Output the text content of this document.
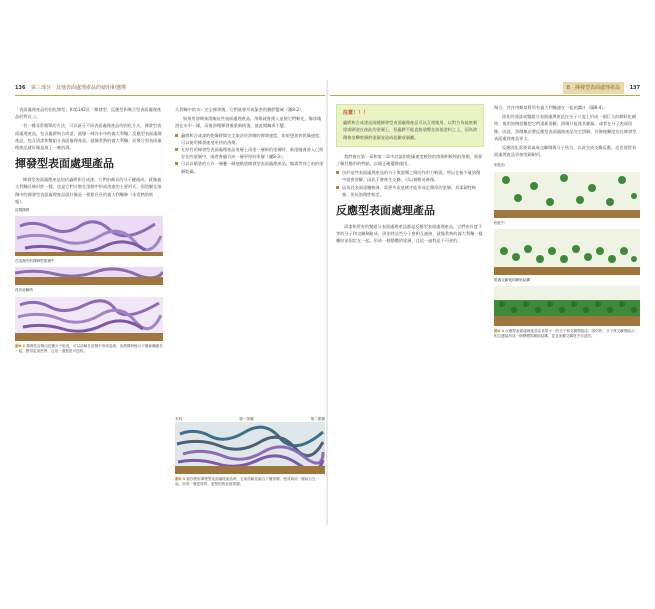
136 第三部分　其他表面處理產品的使用和選擇

「表面處理產品的固化類型」和第142頁「揮發型、反應型和聚合型表面處理產品的對比」）。

有一種非常簡單的方法，可以區分不同表面處理產品的固化方式，揮發型表面處理產品，包含蟲膠和合成漆，就像一缽冷水中的義大利麵；反應型表面處理產品，包含清漆和雙組分表面處理產品，就像煮熟的義大利麵；而聚合型表面處理產品就好像是放了一晚的湯。

揮發型表面處理產品

揮發型表面處理產品包括蟲膠和合成漆，它們由頗長的分子鏈組成，就像義大利麵長條形狀一樣，也是它們分散在溶劑中形成溶液的主要形式，即溶解在溶劑中的揮發型表面處理產品就好像是一根根長長的義大利麵條（未煮熟的狀態）。

溶劑揮發
在溶劑中的揮發型塗層中
再次溶解時
圖8-2 揮發性溶劑由長鏈分子組成，可以溶解在溶劑中形成溶液。溶劑揮發後分子鏈會纏繞在一起，變得更加密實，且這一過程是可逆的。

大利麵中的水）完全揮發後，它們就會形成緊密的捆膠變硬（圖8-2）。

如果用溶劑來溶解這些表面處理產品，溶劑就會滲入並使它們軟化，像冰塊溶在水中一樣，而後溶劑揮發後重新恢復，彼此間關係不變。

蟲膠和合成漆的乾燥時間完全取決於溶劑的揮發速度。如果想加快乾燥速度，可以使用揮發速度更快的溶劑。
在原有的揮發型表面處理產品塗層上再塗一層新的塗層時，新塗層會溶入已經存在的塗層中，兩者會融合成一層更厚的塗層（圖8-3）。
可以以噴塗的方式一層疊一層地噴塗揮發型表面處理產品，無需等待之前的塗層乾燥。
木料	第一塗層	第二塗層
圖8-3 當你使用揮發型表面處理產品時，它會溶解並融合下層塗層，使其與前一層結合在一起，形成一層更厚的、更堅固的表面塗層。
8　揮發型表面處理產品 137
注意！！！
蟲膠和合成漆這兩種揮發型表面處理產品可以互相使用，以對方為基底噴塗或刷塗在彼此的塗層上，但蟲膠不能直接塗覆在油基塗料之上，因為溶劑會攻擊底層的塗層並造成起皺或剝離。

我們會在第一章和第二章中討論的乾燥速度較快的溶劑和較慢的溶劑，需要了解其應用的特點，以便正確選擇使用。

由於這些表面處理產品的分子與溶劑之間的作用力較弱，所以在極少量溶劑中就會溶解，因此不會產生交聯，可以被輕易修復。
因為其表面塗膜較薄，需要多次塗刷才能形成足夠厚的塗層，其柔韌性較強，但抗溶劑性較差。
反應型表面處理產品

清漆和所有的雙組分表面處理產品都是反應型表面處理產品。它們由長度不等的分子和交聯劑組成，固化時這些分子會相互連接，就像煮熟的義大利麵一樣纏結並固定在一起，形成一個整體的塗層，且這一過程是不可逆的。

聚合，其作用類似將所有義大利麵連在一起的醬汁（圖8-4）。

固化的清漆或雙組分表面處理產品在分子尺度上形成一個巨大的網狀化網絡，使用溶劑很難把它們重新溶解。溶劑只能使其膨脹，或者在分子表面侵蝕。因此，溶劑無法將反應型表面處理產品完全溶解，其修復難度也比揮發型表面處理產品更大。

反應固化需要氧氣或交聯劑與分子結合，以此完成交聯反應，這也使得表面處理產品更加堅韌耐用。

固化前
固化中
經過交聯後的網狀結構
圖8-4 反應型表面處理產品由長短不一的分子和交聯劑組成。固化時，分子與交聯劑結合，相互連接形成一個整體的網狀結構，並且這種交聯是不可逆的。
